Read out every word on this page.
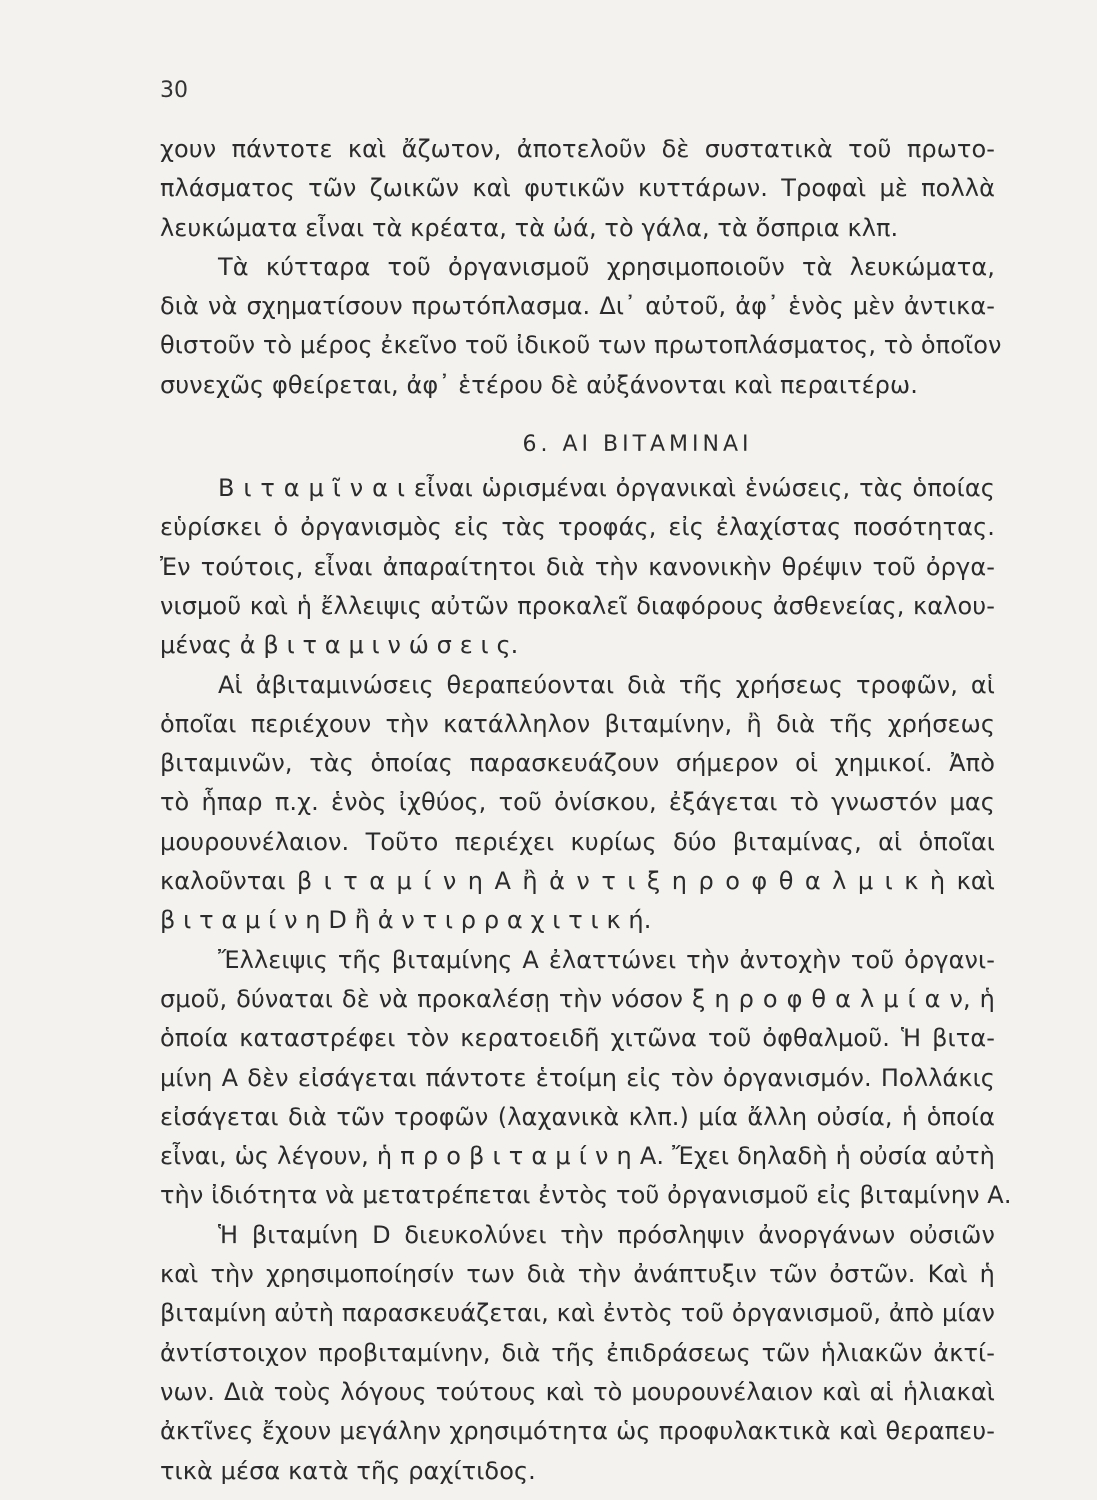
30
χουν πάντοτε καὶ ἄζωτον, ἀποτελοῦν δὲ συστατικὰ τοῦ πρωτο-
πλάσματος τῶν ζωικῶν καὶ φυτικῶν κυττάρων. Τροφαὶ μὲ πολλὰ
λευκώματα εἶναι τὰ κρέατα, τὰ ὠά, τὸ γάλα, τὰ ὄσπρια κλπ.
Τὰ κύτταρα τοῦ ὀργανισμοῦ χρησιμοποιοῦν τὰ λευκώματα,
διὰ νὰ σχηματίσουν πρωτόπλασμα. Δι᾽ αὐτοῦ, ἀφ᾽ ἑνὸς μὲν ἀντικα-
θιστοῦν τὸ μέρος ἐκεῖνο τοῦ ἰδικοῦ των πρωτοπλάσματος, τὸ ὁποῖον
συνεχῶς φθείρεται, ἀφ᾽ ἑτέρου δὲ αὐξάνονται καὶ περαιτέρω.
6. ΑΙ ΒΙΤΑΜΙΝΑΙ
Β ι τ α μ ῖ ν α ι εἶναι ὡρισμέναι ὀργανικαὶ ἑνώσεις, τὰς ὁποίας
εὑρίσκει ὁ ὀργανισμὸς εἰς τὰς τροφάς, εἰς ἐλαχίστας ποσότητας.
Ἐν τούτοις, εἶναι ἀπαραίτητοι διὰ τὴν κανονικὴν θρέψιν τοῦ ὀργα-
νισμοῦ καὶ ἡ ἔλλειψις αὐτῶν προκαλεῖ διαφόρους ἀσθενείας, καλου-
μένας ἀ β ι τ α μ ι ν ώ σ ε ι ς.
Αἱ ἀβιταμινώσεις θεραπεύονται διὰ τῆς χρήσεως τροφῶν, αἱ
ὁποῖαι περιέχουν τὴν κατάλληλον βιταμίνην, ἢ διὰ τῆς χρήσεως
βιταμινῶν, τὰς ὁποίας παρασκευάζουν σήμερον οἱ χημικοί. Ἀπὸ
τὸ ἧπαρ π.χ. ἑνὸς ἰχθύος, τοῦ ὀνίσκου, ἐξάγεται τὸ γνωστόν μας
μουρουνέλαιον. Τοῦτο περιέχει κυρίως δύο βιταμίνας, αἱ ὁποῖαι
καλοῦνται β ι τ α μ ί ν η Α ἢ ἀ ν τ ι ξ η ρ ο φ θ α λ μ ι κ ὴ καὶ
β ι τ α μ ί ν η D ἢ ἀ ν τ ι ρ ρ α χ ι τ ι κ ή.
Ἔλλειψις τῆς βιταμίνης Α ἐλαττώνει τὴν ἀντοχὴν τοῦ ὀργανι-
σμοῦ, δύναται δὲ νὰ προκαλέσῃ τὴν νόσον ξ η ρ ο φ θ α λ μ ί α ν, ἡ
ὁποία καταστρέφει τὸν κερατοειδῆ χιτῶνα τοῦ ὀφθαλμοῦ. Ἡ βιτα-
μίνη Α δὲν εἰσάγεται πάντοτε ἑτοίμη εἰς τὸν ὀργανισμόν. Πολλάκις
εἰσάγεται διὰ τῶν τροφῶν (λαχανικὰ κλπ.) μία ἄλλη οὐσία, ἡ ὁποία
εἶναι, ὡς λέγουν, ἡ π ρ ο β ι τ α μ ί ν η Α. Ἔχει δηλαδὴ ἡ οὐσία αὐτὴ
τὴν ἰδιότητα νὰ μετατρέπεται ἐντὸς τοῦ ὀργανισμοῦ εἰς βιταμίνην Α.
Ἡ βιταμίνη D διευκολύνει τὴν πρόσληψιν ἀνοργάνων οὐσιῶν
καὶ τὴν χρησιμοποίησίν των διὰ τὴν ἀνάπτυξιν τῶν ὀστῶν. Καὶ ἡ
βιταμίνη αὐτὴ παρασκευάζεται, καὶ ἐντὸς τοῦ ὀργανισμοῦ, ἀπὸ μίαν
ἀντίστοιχον προβιταμίνην, διὰ τῆς ἐπιδράσεως τῶν ἡλιακῶν ἀκτί-
νων. Διὰ τοὺς λόγους τούτους καὶ τὸ μουρουνέλαιον καὶ αἱ ἡλιακαὶ
ἀκτῖνες ἔχουν μεγάλην χρησιμότητα ὡς προφυλακτικὰ καὶ θεραπευ-
τικὰ μέσα κατὰ τῆς ραχίτιδος.
